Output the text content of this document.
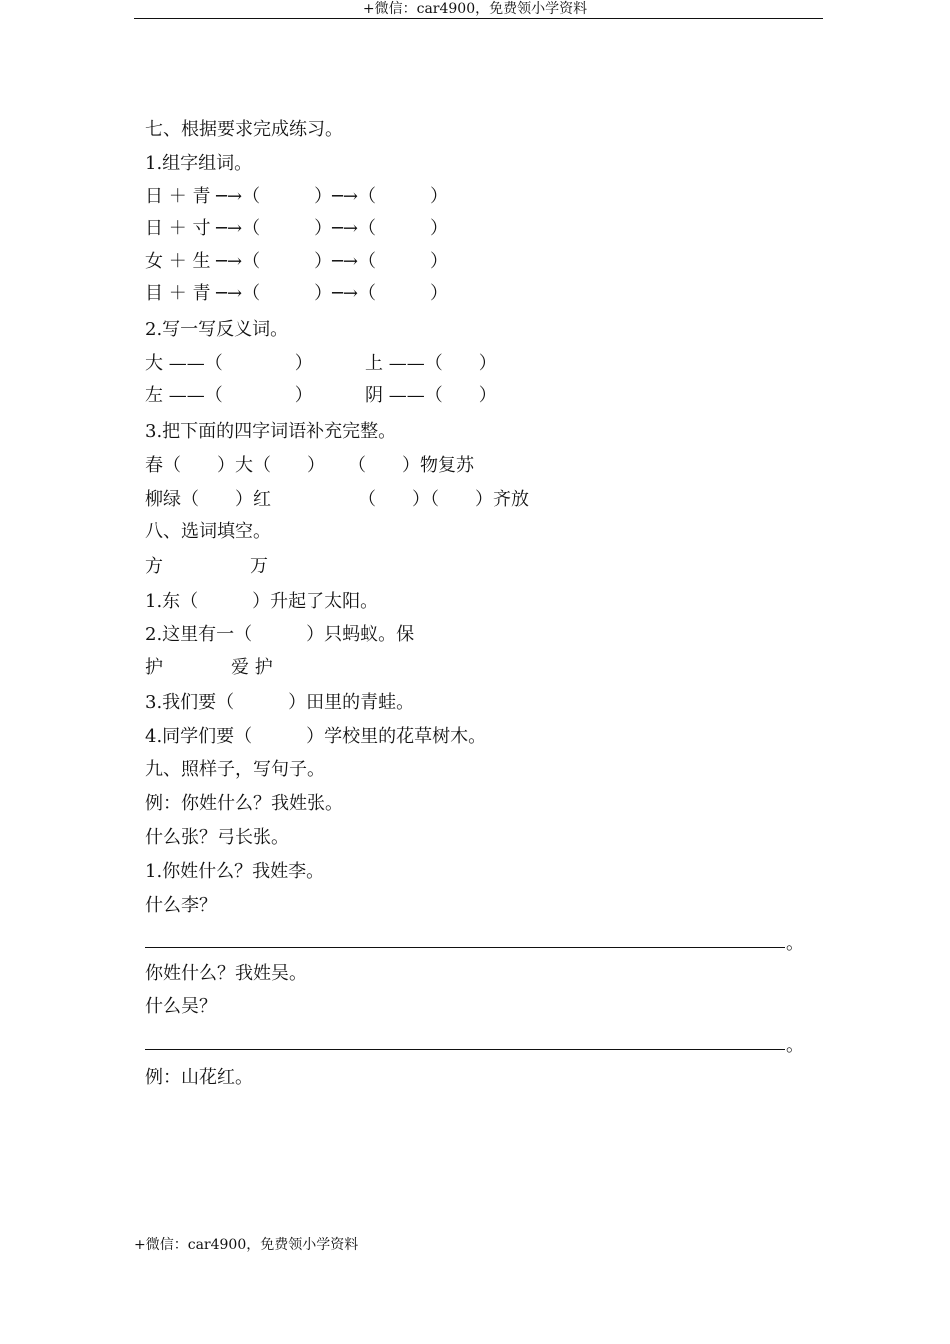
+微信：car4900，免费领小学资料
七、根据要求完成练习。
1.组字组词。
日 ＋ 青 ─→（　　　）─→（　　　）
日 ＋ 寸 ─→（　　　）─→（　　　）
女 ＋ 生 ─→（　　　）─→（　　　）
目 ＋ 青 ─→（　　　）─→（　　　）
2.写一写反义词。
大 ——（　　　　）	上 ——（　　）
左 ——（　　　　）	阴 ——（　　）
3.把下面的四字词语补充完整。
春（　　）大（　　） （　　）物复苏
柳绿（　　）红	（　　）（　　）齐放
八、选词填空。
方	万
1.东（　　　）升起了太阳。
2.这里有一（　　　）只蚂蚁。保
护	爱 护
3.我们要（　　　）田里的青蛙。
4.同学们要（　　　）学校里的花草树木。
九、照样子，写句子。
例：你姓什么？我姓张。
什么张？弓长张。
1.你姓什么？我姓李。
什么李？
。
你姓什么？我姓吴。
什么吴？
。
例：山花红。
+微信：car4900，免费领小学资料
